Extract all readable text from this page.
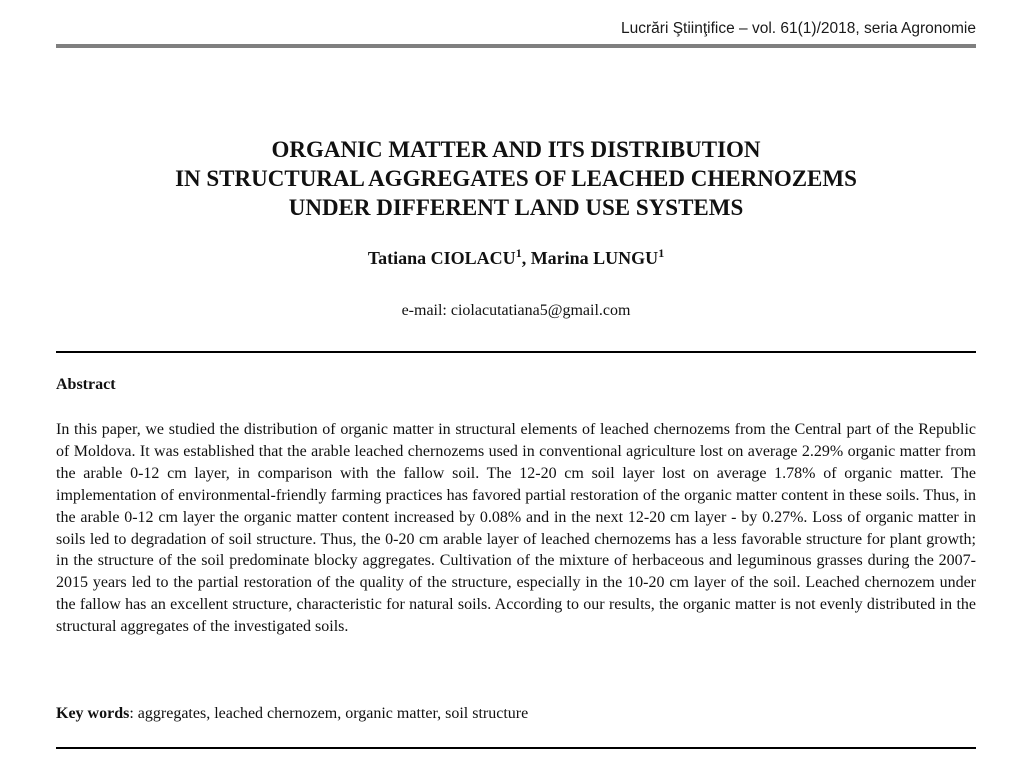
Lucrări Ştiinţifice – vol. 61(1)/2018, seria Agronomie
ORGANIC MATTER AND ITS DISTRIBUTION
IN STRUCTURAL AGGREGATES OF LEACHED CHERNOZEMS
UNDER DIFFERENT LAND USE SYSTEMS
Tatiana CIOLACU$^1$, Marina LUNGU$^1$
e-mail: ciolacutatiana5@gmail.com
Abstract

In this paper, we studied the distribution of organic matter in structural elements of leached chernozems from the Central part of the Republic of Moldova. It was established that the arable leached chernozems used in conventional agriculture lost on average 2.29% organic matter from the arable 0-12 cm layer, in comparison with the fallow soil. The 12-20 cm soil layer lost on average 1.78% of organic matter. The implementation of environmental-friendly farming practices has favored partial restoration of the organic matter content in these soils. Thus, in the arable 0-12 cm layer the organic matter content increased by 0.08% and in the next 12-20 cm layer - by 0.27%. Loss of organic matter in soils led to degradation of soil structure. Thus, the 0-20 cm arable layer of leached chernozems has a less favorable structure for plant growth; in the structure of the soil predominate blocky aggregates. Cultivation of the mixture of herbaceous and leguminous grasses during the 2007-2015 years led to the partial restoration of the quality of the structure, especially in the 10-20 cm layer of the soil. Leached chernozem under the fallow has an excellent structure, characteristic for natural soils. According to our results, the organic matter is not evenly distributed in the structural aggregates of the investigated soils.

Key words: aggregates, leached chernozem, organic matter, soil structure
